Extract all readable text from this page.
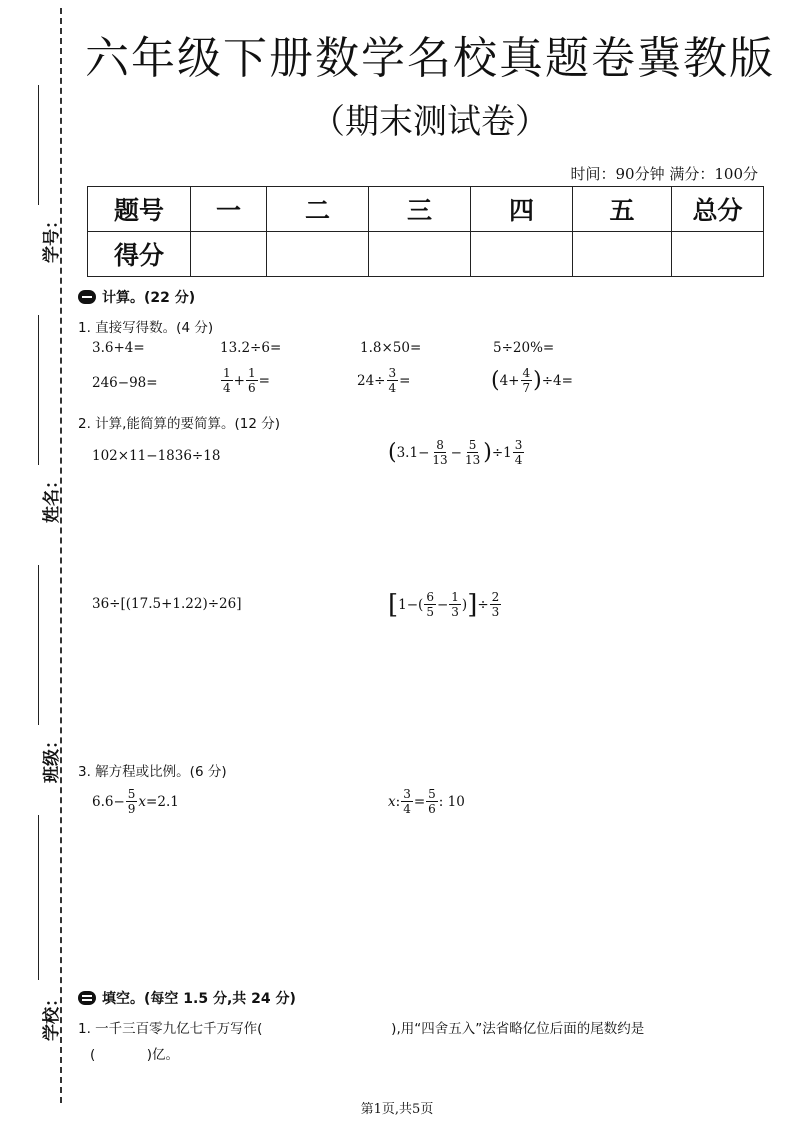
学号：
姓名：
班级：
学校：
六年级下册数学名校真题卷冀教版
（期末测试卷）
时间：90分钟 满分：100分
题号	一	二	三	四	五	总分
得分						
计算。(22 分)
1. 直接写得数。(4 分)
3.6+4=	13.2÷6=	1.8×50=	5÷20%=
246−98=	$\frac{1}{4} + \frac{1}{6}$ =	$24\div \frac{3}{4}$ =	( $4+ \frac{4}{7}$ ) ÷4=
2. 计算,能简算的要简算。(12 分)
102×11−1836÷18	( $3.1- \frac{8}{13} - \frac{5}{13}$ ) $\div 1 \frac{3}{4}$
36÷[(17.5+1.22)÷26]	[ $1-( \frac{6}{5} - \frac{1}{3}$ ) ] ÷ $\frac{2}{3}$
3. 解方程或比例。(6 分)
$6.6- \frac{5}{9}$ x =2.1	x : $\frac{3}{4} = \frac{5}{6}$ : 10
填空。(每空 1.5 分,共 24 分)
1. 一千三百零九亿七千万写作(                              ),用“四舍五入”法省略亿位后面的尾数约是
(            )亿。
第1页,共5页
